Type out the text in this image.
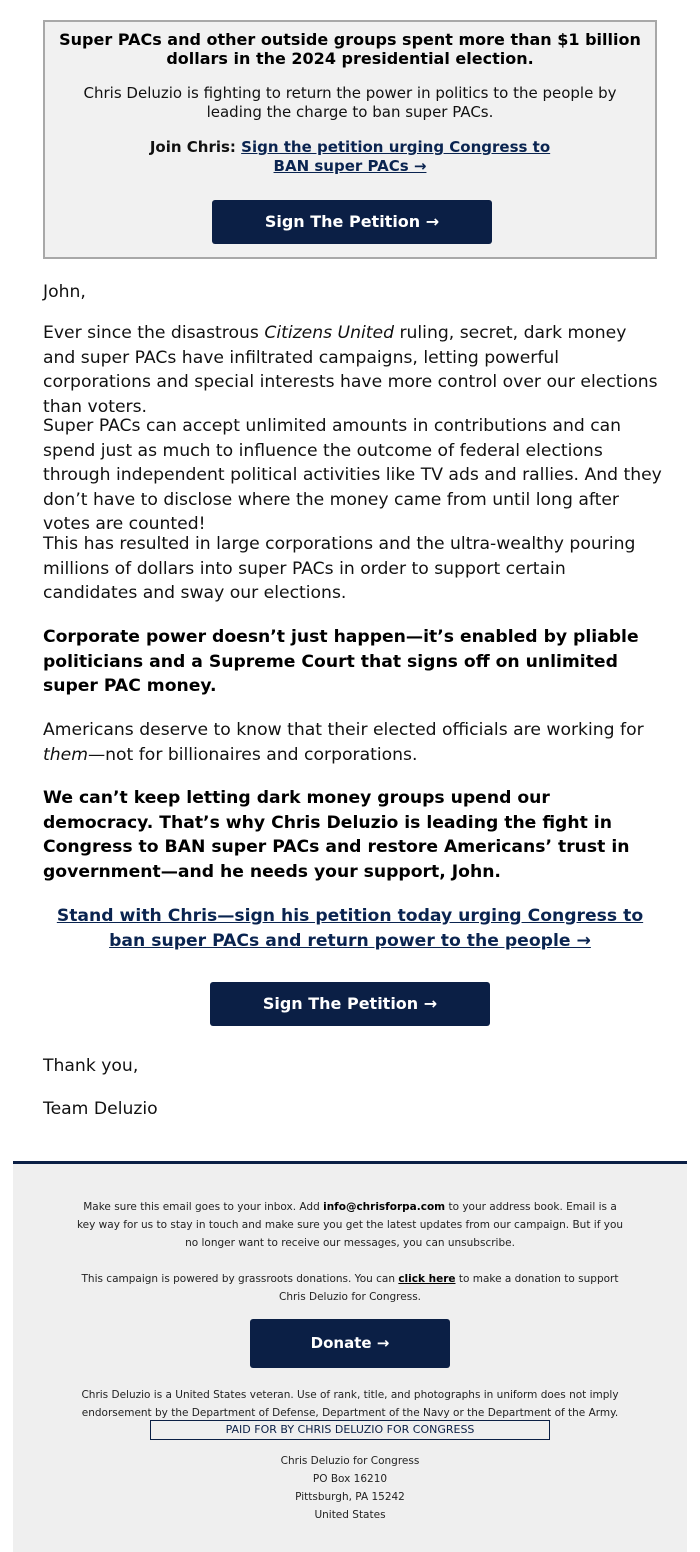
Super PACs and other outside groups spent more than $1 billion dollars in the 2024 presidential election.
Chris Deluzio is fighting to return the power in politics to the people by leading the charge to ban super PACs.
Join Chris: Sign the petition urging Congress to BAN super PACs →
Sign The Petition →
John,
Ever since the disastrous Citizens United ruling, secret, dark money and super PACs have infiltrated campaigns, letting powerful corporations and special interests have more control over our elections than voters.
Super PACs can accept unlimited amounts in contributions and can spend just as much to influence the outcome of federal elections through independent political activities like TV ads and rallies. And they don’t have to disclose where the money came from until long after votes are counted!
This has resulted in large corporations and the ultra-wealthy pouring millions of dollars into super PACs in order to support certain candidates and sway our elections.
Corporate power doesn’t just happen—it’s enabled by pliable politicians and a Supreme Court that signs off on unlimited super PAC money.
Americans deserve to know that their elected officials are working for them—not for billionaires and corporations.
We can’t keep letting dark money groups upend our democracy. That’s why Chris Deluzio is leading the fight in Congress to BAN super PACs and restore Americans’ trust in government—and he needs your support, John.
Stand with Chris—sign his petition today urging Congress to ban super PACs and return power to the people →
Sign The Petition →
Thank you,
Team Deluzio
Make sure this email goes to your inbox. Add info@chrisforpa.com to your address book. Email is a key way for us to stay in touch and make sure you get the latest updates from our campaign. But if you no longer want to receive our messages, you can unsubscribe.
This campaign is powered by grassroots donations. You can click here to make a donation to support Chris Deluzio for Congress.
Donate →
Chris Deluzio is a United States veteran. Use of rank, title, and photographs in uniform does not imply endorsement by the Department of Defense, Department of the Navy or the Department of the Army.
PAID FOR BY CHRIS DELUZIO FOR CONGRESS
Chris Deluzio for Congress
PO Box 16210
Pittsburgh, PA 15242
United States
